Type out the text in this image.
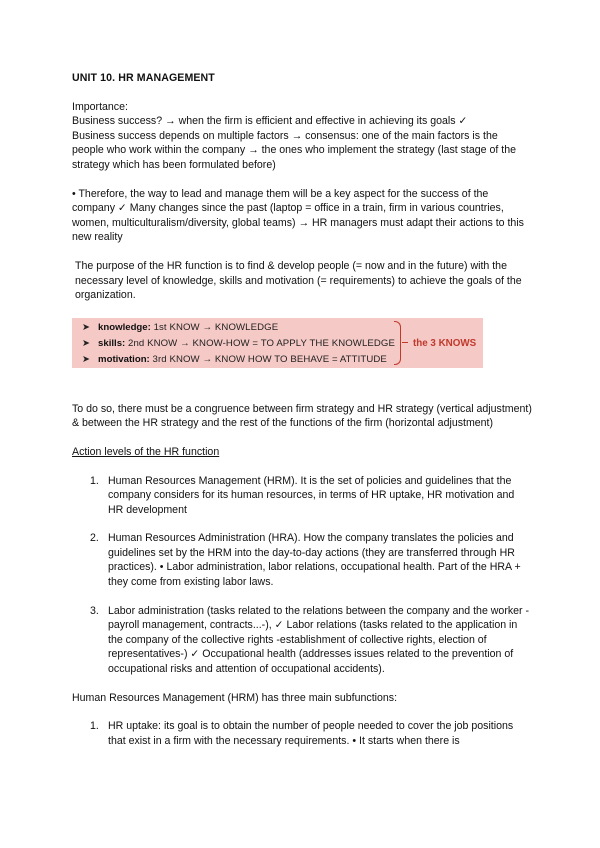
UNIT 10. HR MANAGEMENT

Importance:

Business success? → when the firm is efficient and effective in achieving its goals ✓

Business success depends on multiple factors → consensus: one of the main factors is the people who work within the company → the ones who implement the strategy (last stage of the strategy which has been formulated before)

• Therefore, the way to lead and manage them will be a key aspect for the success of the company ✓ Many changes since the past (laptop = office in a train, firm in various countries, women, multiculturalism/diversity, global teams) → HR managers must adapt their actions to this new reality

The purpose of the HR function is to find & develop people (= now and in the future) with the necessary level of knowledge, skills and motivation (= requirements) to achieve the goals of the organization.

➤ knowledge: 1st KNOW → KNOWLEDGE
➤ skills: 2nd KNOW → KNOW-HOW = TO APPLY THE KNOWLEDGE
➤ motivation: 3rd KNOW → KNOW HOW TO BEHAVE = ATTITUDE
the 3 KNOWS

To do so, there must be a congruence between firm strategy and HR strategy (vertical adjustment)

& between the HR strategy and the rest of the functions of the firm (horizontal adjustment)

Action levels of the HR function

1. Human Resources Management (HRM). It is the set of policies and guidelines that the company considers for its human resources, in terms of HR uptake, HR motivation and HR development
2. Human Resources Administration (HRA). How the company translates the policies and guidelines set by the HRM into the day-to-day actions (they are transferred through HR practices). • Labor administration, labor relations, occupational health. Part of the HRA + they come from existing labor laws.
3. Labor administration (tasks related to the relations between the company and the worker -payroll management, contracts...-), ✓ Labor relations (tasks related to the application in the company of the collective rights -establishment of collective rights, election of representatives-) ✓ Occupational health (addresses issues related to the prevention of occupational risks and attention of occupational accidents).

Human Resources Management (HRM) has three main subfunctions:

1. HR uptake: its goal is to obtain the number of people needed to cover the job positions that exist in a firm with the necessary requirements. • It starts when there is
